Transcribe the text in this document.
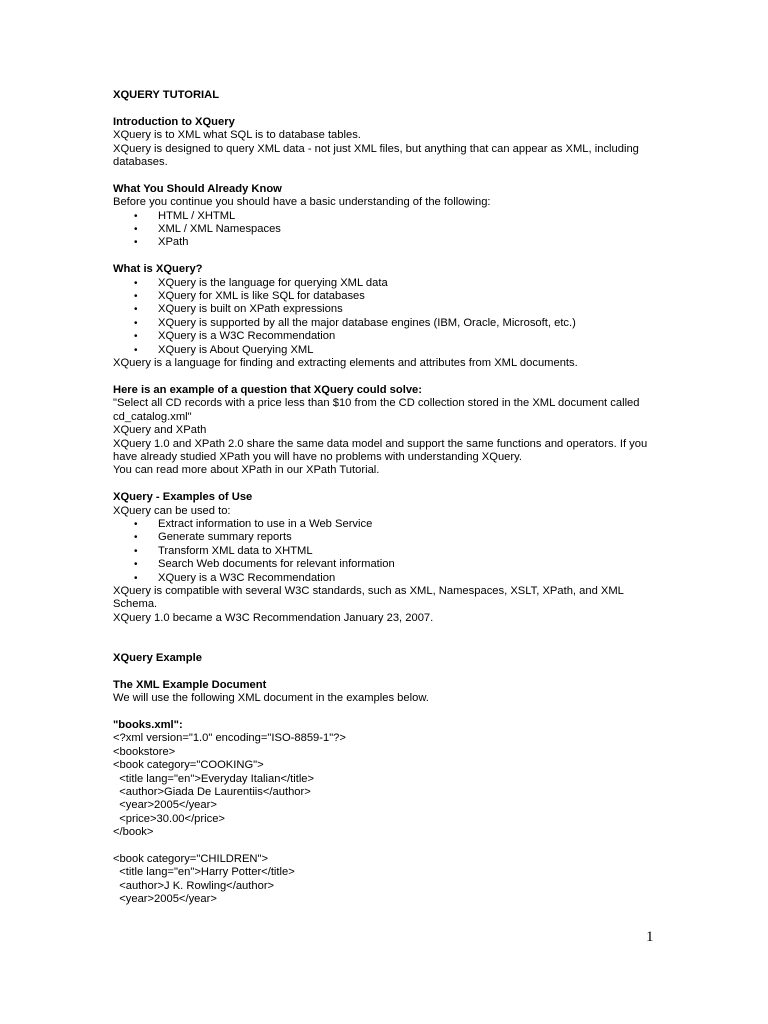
XQUERY TUTORIAL
Introduction to XQuery
XQuery is to XML what SQL is to database tables.
XQuery is designed to query XML data - not just XML files, but anything that can appear as XML, including databases.
What You Should Already Know
Before you continue you should have a basic understanding of the following:
• HTML / XHTML
• XML / XML Namespaces
• XPath
What is XQuery?
• XQuery is the language for querying XML data
• XQuery for XML is like SQL for databases
• XQuery is built on XPath expressions
• XQuery is supported by all the major database engines (IBM, Oracle, Microsoft, etc.)
• XQuery is a W3C Recommendation
• XQuery is About Querying XML
XQuery is a language for finding and extracting elements and attributes from XML documents.
Here is an example of a question that XQuery could solve:
"Select all CD records with a price less than $10 from the CD collection stored in the XML document called cd_catalog.xml"
XQuery and XPath
XQuery 1.0 and XPath 2.0 share the same data model and support the same functions and operators. If you have already studied XPath you will have no problems with understanding XQuery.
You can read more about XPath in our XPath Tutorial.
XQuery - Examples of Use
XQuery can be used to:
• Extract information to use in a Web Service
• Generate summary reports
• Transform XML data to XHTML
• Search Web documents for relevant information
• XQuery is a W3C Recommendation
XQuery is compatible with several W3C standards, such as XML, Namespaces, XSLT, XPath, and XML Schema.
XQuery 1.0 became a W3C Recommendation January 23, 2007.
XQuery Example
The XML Example Document
We will use the following XML document in the examples below.
"books.xml":
<?xml version="1.0" encoding="ISO-8859-1"?>
<bookstore>
<book category="COOKING">
<title lang="en">Everyday Italian</title>
<author>Giada De Laurentiis</author>
<year>2005</year>
<price>30.00</price>
</book>
<book category="CHILDREN">
<title lang="en">Harry Potter</title>
<author>J K. Rowling</author>
<year>2005</year>
1
